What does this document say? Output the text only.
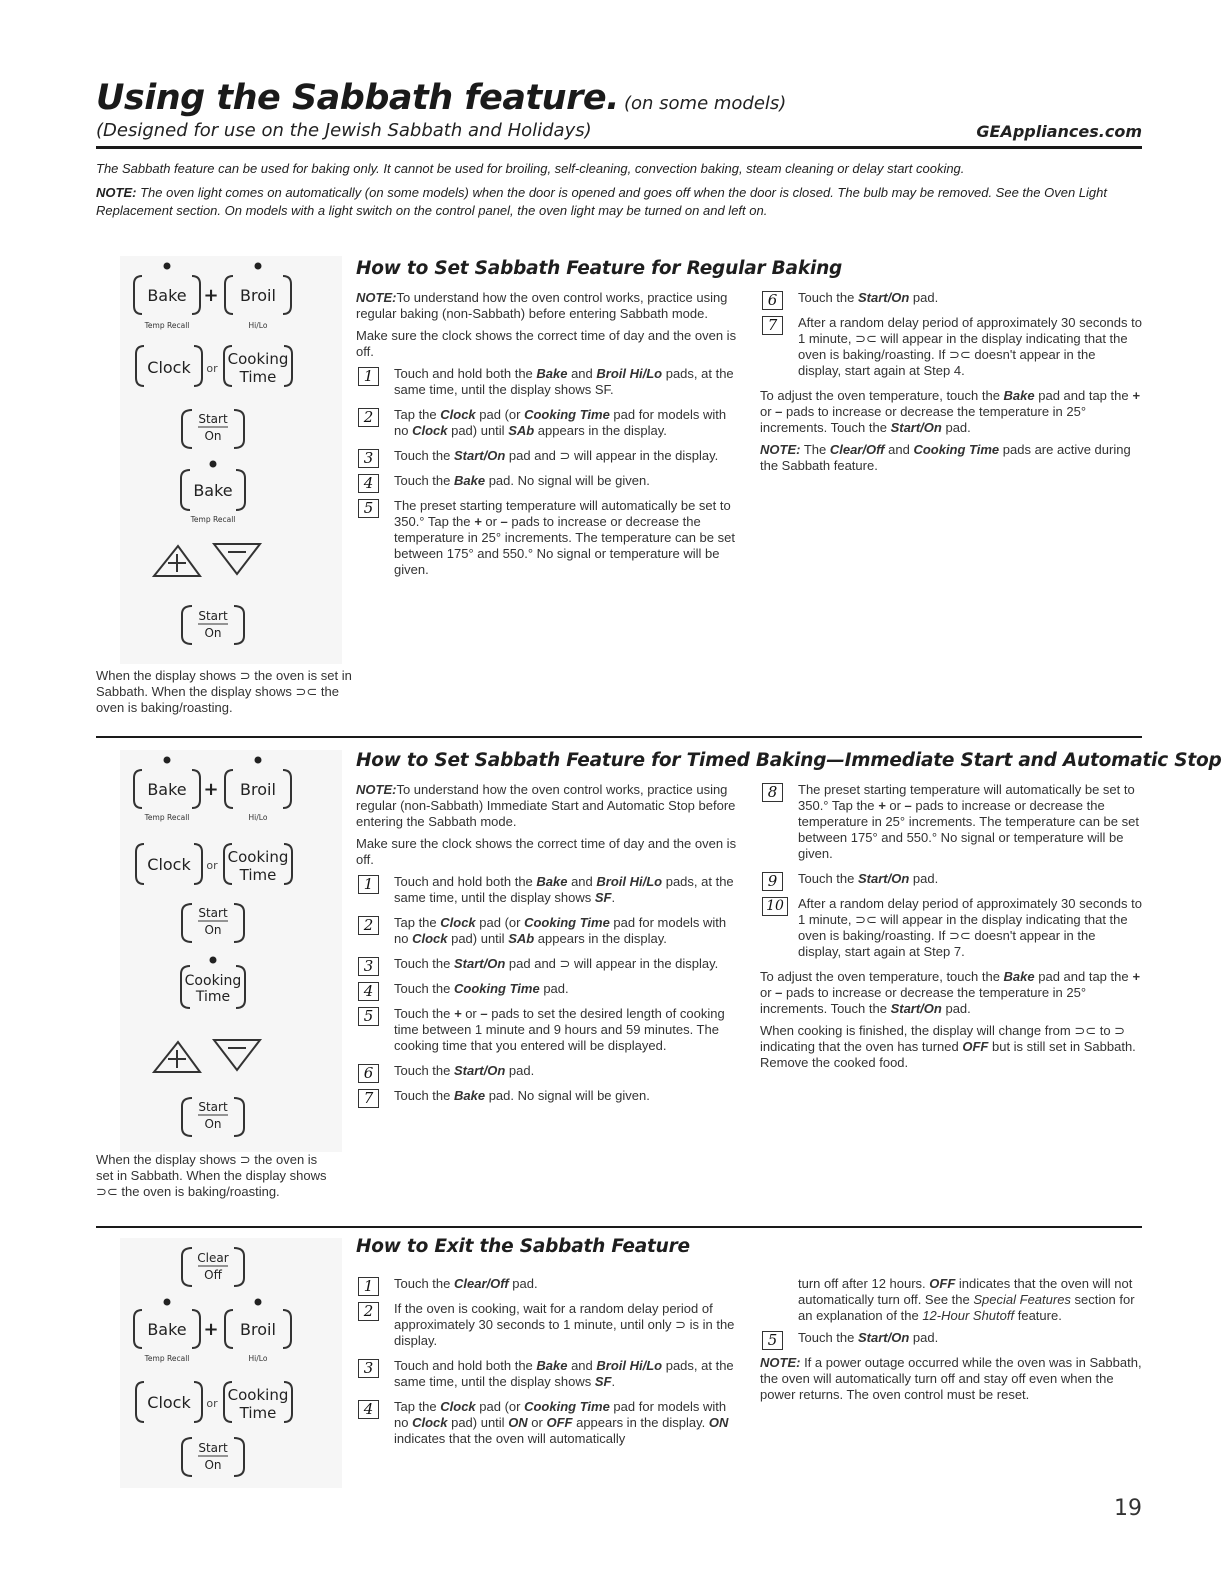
Using the Sabbath feature. (on some models)
(Designed for use on the Jewish Sabbath and Holidays)	GEAppliances.com
The Sabbath feature can be used for baking only. It cannot be used for broiling, self-cleaning, convection baking, steam cleaning or delay start cooking.
NOTE: The oven light comes on automatically (on some models) when the door is opened and goes off when the door is closed. The bulb may be removed. See the Oven Light Replacement section. On models with a light switch on the control panel, the oven light may be turned on and left on.
Bake + Broil
Temp Recall	Hi/Lo
Clock or
Cooking
Time
Start
On
Bake
Temp Recall
Start
On
When the display shows ⊃ the oven is set in Sabbath. When the display shows ⊃⊂ the oven is baking/roasting.
How to Set Sabbath Feature for Regular Baking

NOTE:To understand how the oven control works, practice using regular baking (non-Sabbath) before entering Sabbath mode.

Make sure the clock shows the correct time of day and the oven is off.

1	Touch and hold both the Bake and Broil Hi/Lo pads, at the same time, until the display shows SF.
2	Tap the Clock pad (or Cooking Time pad for models with no Clock pad) until SAb appears in the display.
3	Touch the Start/On pad and ⊃ will appear in the display.
4	Touch the Bake pad. No signal will be given.
5	The preset starting temperature will automatically be set to 350.° Tap the + or – pads to increase or decrease the temperature in 25° increments. The temperature can be set between 175° and 550.° No signal or temperature will be given.
6	Touch the Start/On pad.
7	After a random delay period of approximately 30 seconds to 1 minute, ⊃⊂ will appear in the display indicating that the oven is baking/roasting. If ⊃⊂ doesn't appear in the display, start again at Step 4.

To adjust the oven temperature, touch the Bake pad and tap the + or – pads to increase or decrease the temperature in 25° increments. Touch the Start/On pad.

NOTE: The Clear/Off and Cooking Time pads are active during the Sabbath feature.

Bake + Broil
Temp Recall	Hi/Lo
Clock or Cooking
Time
Start
On
Cooking
Time
Start
On
When the display shows ⊃ the oven is set in Sabbath. When the display shows ⊃⊂ the oven is baking/roasting.
How to Set Sabbath Feature for Timed Baking—Immediate Start and Automatic Stop

NOTE:To understand how the oven control works, practice using regular (non-Sabbath) Immediate Start and Automatic Stop before entering the Sabbath mode.

Make sure the clock shows the correct time of day and the oven is off.

1	Touch and hold both the Bake and Broil Hi/Lo pads, at the same time, until the display shows SF.
2	Tap the Clock pad (or Cooking Time pad for models with no Clock pad) until SAb appears in the display.
3	Touch the Start/On pad and ⊃ will appear in the display.
4	Touch the Cooking Time pad.
5	Touch the + or – pads to set the desired length of cooking time between 1 minute and 9 hours and 59 minutes. The cooking time that you entered will be displayed.
6	Touch the Start/On pad.
7	Touch the Bake pad. No signal will be given.
8	The preset starting temperature will automatically be set to 350.° Tap the + or – pads to increase or decrease the temperature in 25° increments. The temperature can be set between 175° and 550.° No signal or temperature will be given.
9	Touch the Start/On pad.
10	After a random delay period of approximately 30 seconds to 1 minute, ⊃⊂ will appear in the display indicating that the oven is baking/roasting. If ⊃⊂ doesn't appear in the display, start again at Step 7.

To adjust the oven temperature, touch the Bake pad and tap the + or – pads to increase or decrease the temperature in 25° increments. Touch the Start/On pad.

When cooking is finished, the display will change from ⊃⊂ to ⊃ indicating that the oven has turned OFF but is still set in Sabbath. Remove the cooked food.

Clear
Off
Bake + Broil
Temp Recall	Hi/Lo
Clock or Cooking
Time
Start
On
How to Exit the Sabbath Feature
1	Touch the Clear/Off pad.
2	If the oven is cooking, wait for a random delay period of approximately 30 seconds to 1 minute, until only ⊃ is in the display.
3	Touch and hold both the Bake and Broil Hi/Lo pads, at the same time, until the display shows SF.
4	Tap the Clock pad (or Cooking Time pad for models with no Clock pad) until ON or OFF appears in the display. ON indicates that the oven will automatically

turn off after 12 hours. OFF indicates that the oven will not automatically turn off. See the Special Features section for an explanation of the 12-Hour Shutoff feature.

5	Touch the Start/On pad.

NOTE: If a power outage occurred while the oven was in Sabbath, the oven will automatically turn off and stay off even when the power returns. The oven control must be reset.

19
